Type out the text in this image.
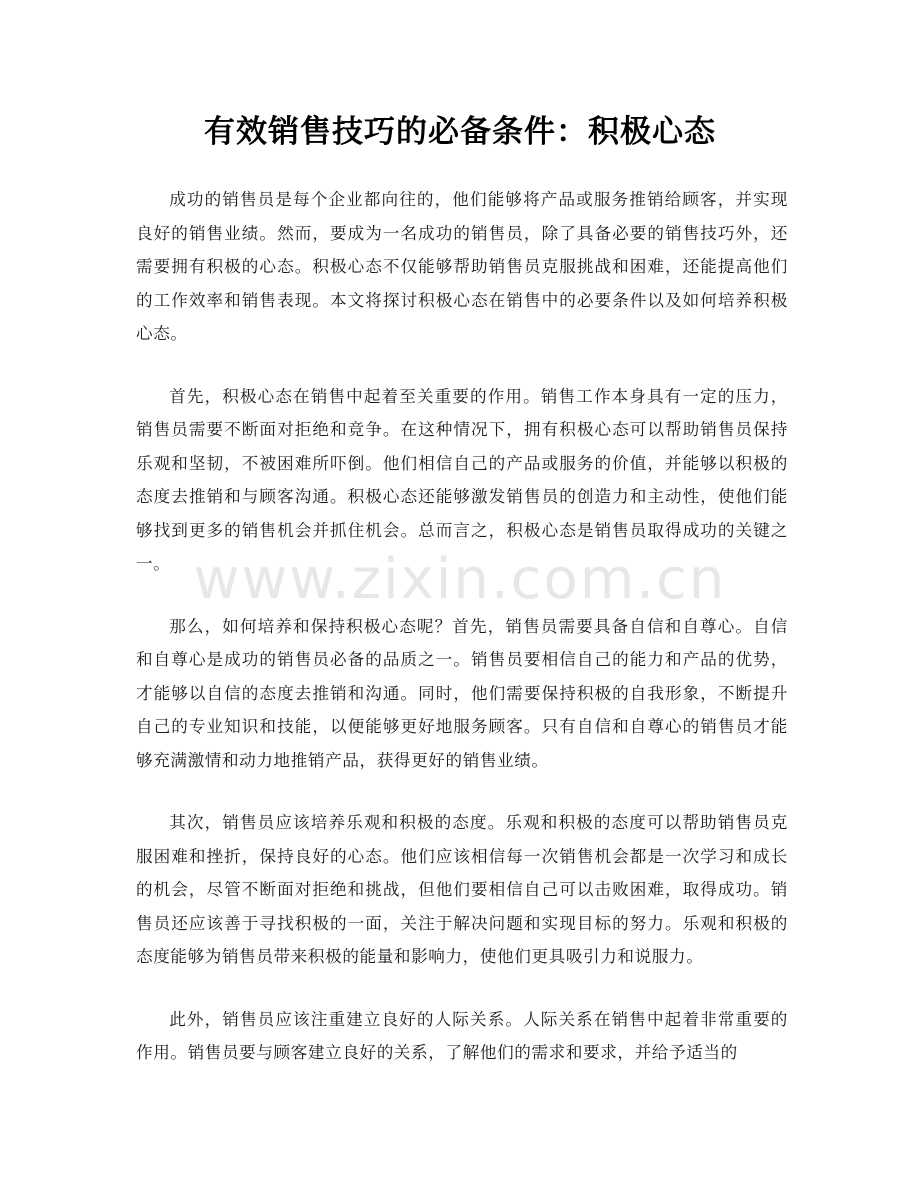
有效销售技巧的必备条件：积极心态

成功的销售员是每个企业都向往的，他们能够将产品或服务推销给顾客，并实现良好的销售业绩。然而，要成为一名成功的销售员，除了具备必要的销售技巧外，还需要拥有积极的心态。积极心态不仅能够帮助销售员克服挑战和困难，还能提高他们的工作效率和销售表现。本文将探讨积极心态在销售中的必要条件以及如何培养积极心态。

首先，积极心态在销售中起着至关重要的作用。销售工作本身具有一定的压力，销售员需要不断面对拒绝和竞争。在这种情况下，拥有积极心态可以帮助销售员保持乐观和坚韧，不被困难所吓倒。他们相信自己的产品或服务的价值，并能够以积极的态度去推销和与顾客沟通。积极心态还能够激发销售员的创造力和主动性，使他们能够找到更多的销售机会并抓住机会。总而言之，积极心态是销售员取得成功的关键之一。

那么，如何培养和保持积极心态呢？首先，销售员需要具备自信和自尊心。自信和自尊心是成功的销售员必备的品质之一。销售员要相信自己的能力和产品的优势，才能够以自信的态度去推销和沟通。同时，他们需要保持积极的自我形象，不断提升自己的专业知识和技能，以便能够更好地服务顾客。只有自信和自尊心的销售员才能够充满激情和动力地推销产品，获得更好的销售业绩。

其次，销售员应该培养乐观和积极的态度。乐观和积极的态度可以帮助销售员克服困难和挫折，保持良好的心态。他们应该相信每一次销售机会都是一次学习和成长的机会，尽管不断面对拒绝和挑战，但他们要相信自己可以击败困难，取得成功。销售员还应该善于寻找积极的一面，关注于解决问题和实现目标的努力。乐观和积极的态度能够为销售员带来积极的能量和影响力，使他们更具吸引力和说服力。

此外，销售员应该注重建立良好的人际关系。人际关系在销售中起着非常重要的作用。销售员要与顾客建立良好的关系，了解他们的需求和要求，并给予适当的

www.zixin.com.cn
